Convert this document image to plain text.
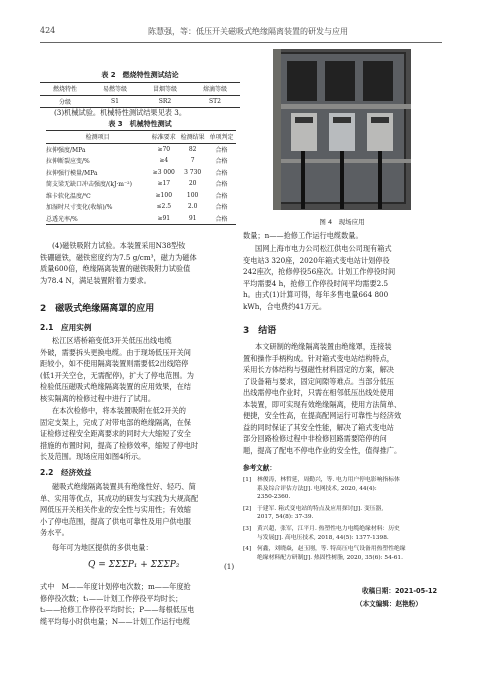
424	陈慧强，等：低压开关磁吸式绝缘隔离装置的研发与应用
表 2　燃烧特性测试结论
燃烧特性	易燃等级	冒烟等级	熔滴等级
分级	S1	SR2	ST2

(3)机械试验。机械特性测试结果见表 3。

表 3　机械特性测试
检测项目	标准要求	检测结果	单项判定
拉伸强度/MPa	≥70	82	合格
拉伸断裂应变/%	≥4	7	合格
拉伸强行模量/MPa	≥3 000	3 730	合格
简支梁无缺口冲击强度/(kJ·m⁻²)	≥17	20	合格
维卡软化温度/℃	≥100	100	合格
加湿时尺寸变化(收缩)/%	≤2.5	2.0	合格
总透光率/%	≥91	91	合格

(4)磁铁吸附力试验。本装置采用N38型钕

铁硼磁铁，磁铁密度约为7.5 g/cm³，磁力为磁体

质量600倍，绝缘隔离装置的磁铁吸附力试验值

为78.4 N，满足装置附着力要求。

2　磁吸式绝缘隔离罩的应用
2.1　应用实例

松江区塔桥箱变低3开关低压出线电缆

外破，需要拆头更换电缆。由于现场低压开关间

距较小，如不使用隔离装置则需要低2出线陪停

(低1开关空仓，无需配停)，扩大了停电范围。为

检验低压磁吸式绝缘隔离装置的应用效果，在结

核实隔离的检修过程中进行了试用。

在本次检修中，将本装置吸附在低2开关的

固定支架上，完成了对带电部的绝缘隔离，在保

证检修过程安全距离要求的同时大大缩短了安全

措施的布置时间，提高了检修效率，缩短了停电时

长及范围。现场应用如图4所示。

2.2　经济效益

磁吸式绝缘隔离装置具有绝缘性好、轻巧、简

单、实用等优点，其成功的研发与实践为大规高配

网低压开关相关作业的安全性与实用性；有效缩

小了停电范围，提高了供电可靠性及用户供电服

务水平。

每年可为地区提供的多供电量：
Q = ΣΣΣP₁ + ΣΣΣP₂	(1)

式中　M——年度计划停电次数；m——年度抢

修停役次数；t₁——计划工作停役平均时长；

t₂——抢修工作停役平均时长；P——每根低压电

缆平均每小时供电量；N——计划工作运行电缆

图 4　现场应用

数量；n——抢修工作运行电缆数量。

国网上海市电力公司松江供电公司现有箱式

变电站3 320座，2020年箱式变电站计划停役

242座次，抢修停役56座次。计划工作停役时间

平均需要4 h，抢修工作停役时间平均需要2.5

h。由式(1)计算可得，每年多售电量664 800

kWh，合电费约41万元。

3　结语

本文研制的绝缘隔离装置由绝缘罩，连接装

置和操作手柄构成。针对箱式变电站结构特点，

采用长方体结构与强磁性材料固定的方案，解决

了设备箱与要求，固定间隙等难点。当部分低压

出线需停电作业时，只需在相邻低压出线处使用

本装置，即可实现有效绝缘隔离，使用方法简单、

便捷，安全性高，在提高配网运行可靠性与经济效

益的同时保证了其安全性能，解决了箱式变电站

部分回路检修过程中非检修回路需要陪停的问

题，提高了配电不停电作业的安全性，值得推广。

参考文献：
[1] 林俊涛，林哲延，周勤兴，等. 电力用户停电影响指标体
系及综合评估方法[J]. 电网技术, 2020, 44(4):
2350-2360.
[2] 于建军. 箱式变电站的特点及应用探讨[J]. 变压器,
2017, 54(8): 37-39.
[3] 黄兴超，张军，江平月. 热塑性电力电缆绝缘材料：历史
与发展[J]. 高电压技术, 2018, 44(5): 1377-1398.
[4] 何鑫，刘晓焱，赵玉刚，等. 特高压电气设备用热塑性绝缘
绝缘材料配方研制[J]. 热固性树脂, 2020, 35(6): 54-61.
收稿日期：2021-05-12
（本文编辑：赵艳粉）
